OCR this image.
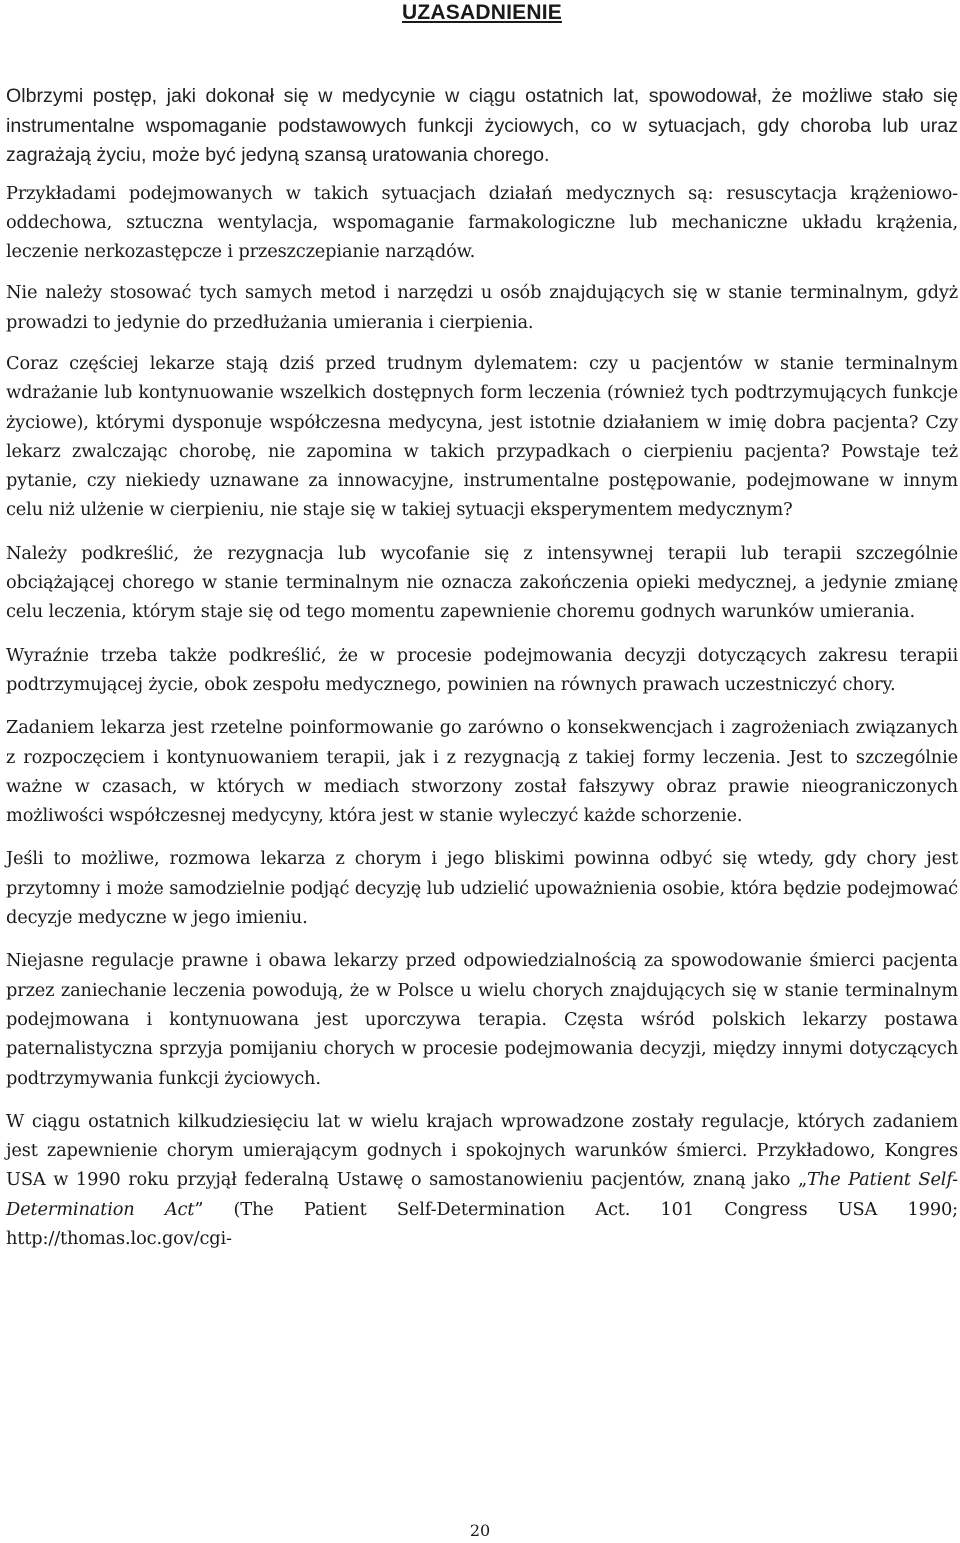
UZASADNIENIE

Olbrzymi postęp, jaki dokonał się w medycynie w ciągu ostatnich lat, spowodował, że możliwe stało się instrumentalne wspomaganie podstawowych funkcji życiowych, co w sytuacjach, gdy choroba lub uraz zagrażają życiu, może być jedyną szansą uratowania chorego.

Przykładami podejmowanych w takich sytuacjach działań medycznych są: resuscytacja krążeniowo-oddechowa, sztuczna wentylacja, wspomaganie farmakologiczne lub mechaniczne układu krążenia, leczenie nerkozastępcze i przeszczepianie narządów.

Nie należy stosować tych samych metod i narzędzi u osób znajdujących się w stanie terminalnym, gdyż prowadzi to jedynie do przedłużania umierania i cierpienia.

Coraz częściej lekarze stają dziś przed trudnym dylematem: czy u pacjentów w stanie terminalnym wdrażanie lub kontynuowanie wszelkich dostępnych form leczenia (również tych podtrzymujących funkcje życiowe), którymi dysponuje współczesna medycyna, jest istotnie działaniem w imię dobra pacjenta? Czy lekarz zwalczając chorobę, nie zapomina w takich przypadkach o cierpieniu pacjenta? Powstaje też pytanie, czy niekiedy uznawane za innowacyjne, instrumentalne postępowanie, podejmowane w innym celu niż ulżenie w cierpieniu, nie staje się w takiej sytuacji eksperymentem medycznym?

Należy podkreślić, że rezygnacja lub wycofanie się z intensywnej terapii lub terapii szczególnie obciążającej chorego w stanie terminalnym nie oznacza zakończenia opieki medycznej, a jedynie zmianę celu leczenia, którym staje się od tego momentu zapewnienie choremu godnych warunków umierania.

Wyraźnie trzeba także podkreślić, że w procesie podejmowania decyzji dotyczących zakresu terapii podtrzymującej życie, obok zespołu medycznego, powinien na równych prawach uczestniczyć chory.

Zadaniem lekarza jest rzetelne poinformowanie go zarówno o konsekwencjach i zagrożeniach związanych z rozpoczęciem i kontynuowaniem terapii, jak i z rezygnacją z takiej formy leczenia. Jest to szczególnie ważne w czasach, w których w mediach stworzony został fałszywy obraz prawie nieograniczonych możliwości współczesnej medycyny, która jest w stanie wyleczyć każde schorzenie.

Jeśli to możliwe, rozmowa lekarza z chorym i jego bliskimi powinna odbyć się wtedy, gdy chory jest przytomny i może samodzielnie podjąć decyzję lub udzielić upoważnienia osobie, która będzie podejmować decyzje medyczne w jego imieniu.

Niejasne regulacje prawne i obawa lekarzy przed odpowiedzialnością za spowodowanie śmierci pacjenta przez zaniechanie leczenia powodują, że w Polsce u wielu chorych znajdujących się w stanie terminalnym podejmowana i kontynuowana jest uporczywa terapia. Częsta wśród polskich lekarzy postawa paternalistyczna sprzyja pomijaniu chorych w procesie podejmowania decyzji, między innymi dotyczących podtrzymywania funkcji życiowych.

W ciągu ostatnich kilkudziesięciu lat w wielu krajach wprowadzone zostały regulacje, których zadaniem jest zapewnienie chorym umierającym godnych i spokojnych warunków śmierci. Przykładowo, Kongres USA w 1990 roku przyjął federalną Ustawę o samostanowieniu pacjentów, znaną jako „The Patient Self-Determination Act” (The Patient Self-Determination Act. 101 Congress USA 1990; http://thomas.loc.gov/cgi-

20
